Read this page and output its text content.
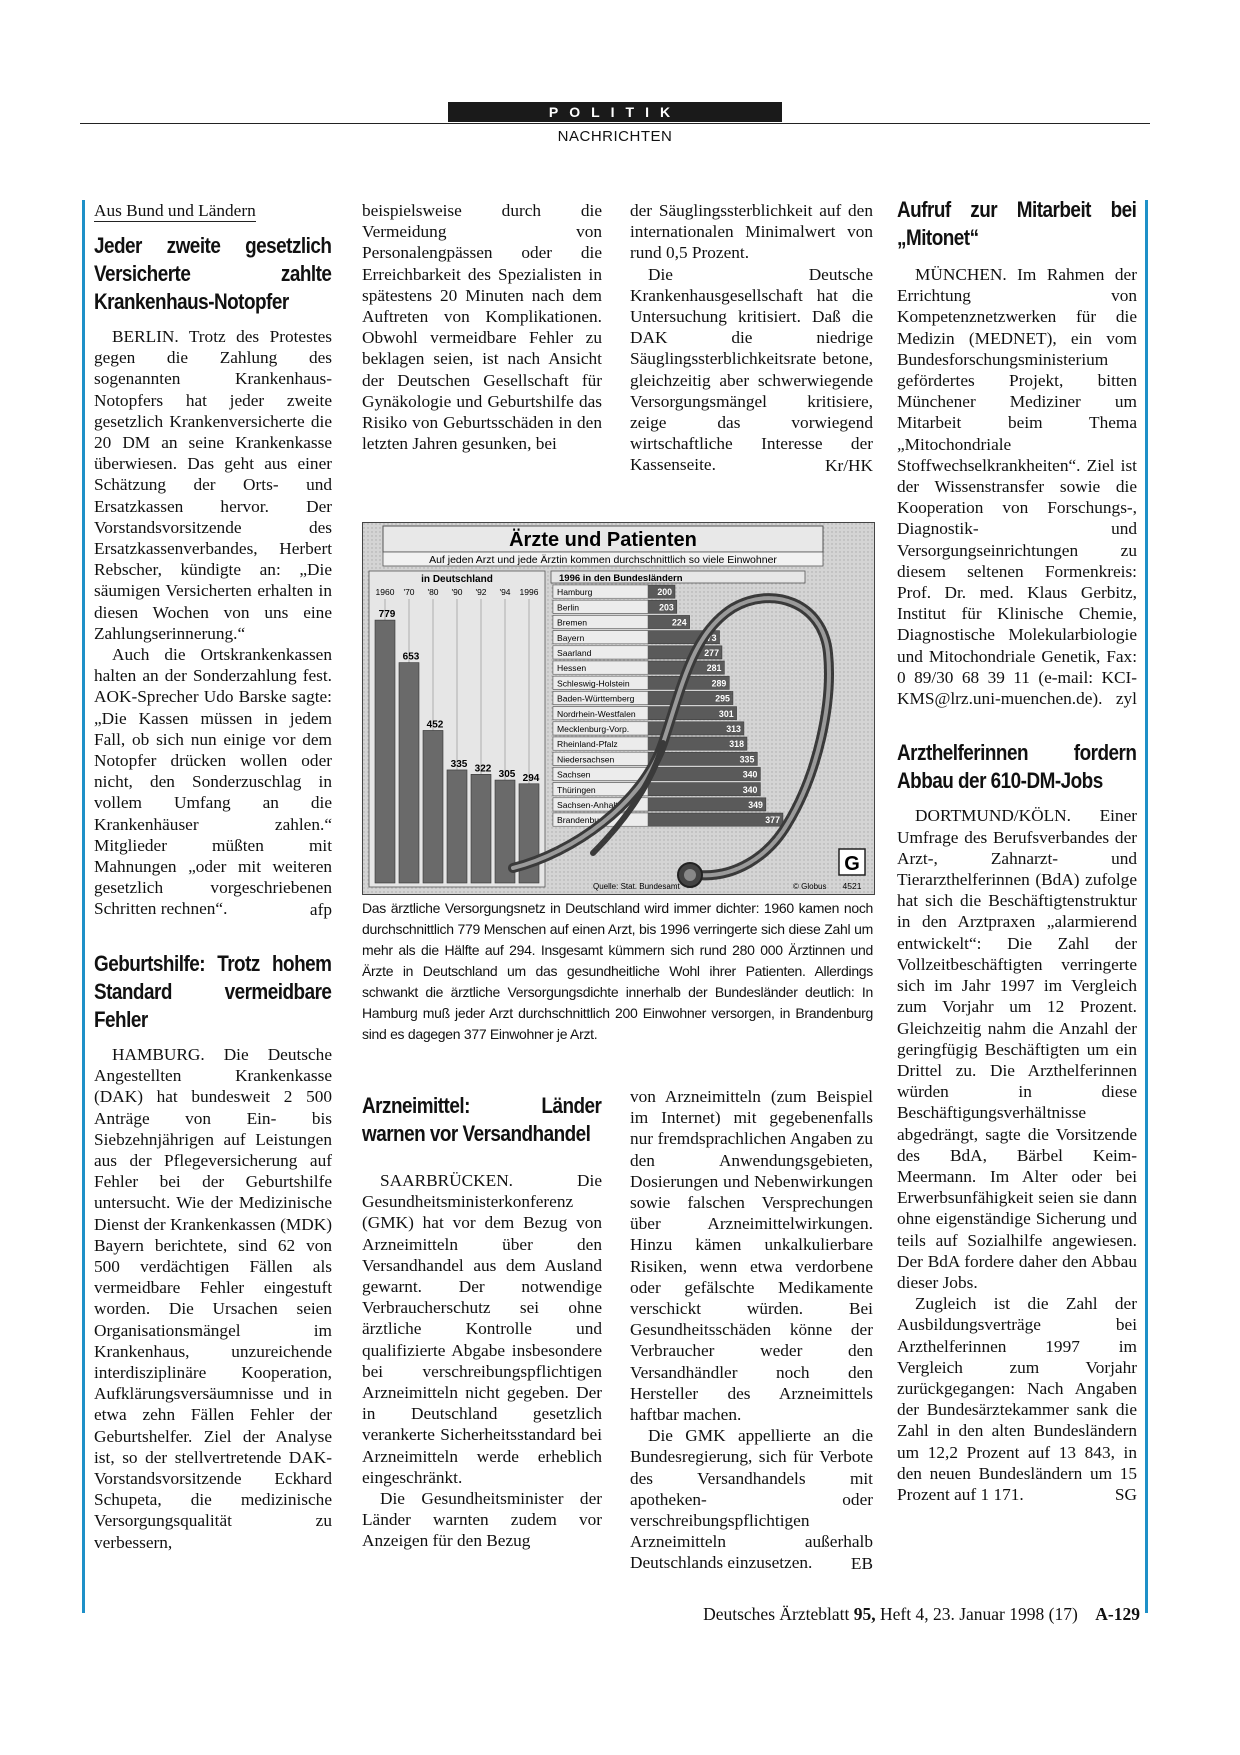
POLITIK
NACHRICHTEN
Aus Bund und Ländern
Jeder zweite gesetzlich Versicherte zahlte Krankenhaus-Notopfer

BERLIN. Trotz des Protestes gegen die Zahlung des sogenannten Krankenhaus-Notopfers hat jeder zweite gesetzlich Krankenversicherte die 20 DM an seine Krankenkasse überwiesen. Das geht aus einer Schätzung der Orts- und Ersatzkassen hervor. Der Vorstandsvorsitzende des Ersatzkassenverbandes, Herbert Rebscher, kündigte an: „Die säumigen Versicherten erhalten in diesen Wochen von uns eine Zahlungserinnerung.“

Auch die Ortskrankenkassen halten an der Sonderzahlung fest. AOK-Sprecher Udo Barske sagte: „Die Kassen müssen in jedem Fall, ob sich nun einige vor dem Notopfer drücken wollen oder nicht, den Sonderzuschlag in vollem Umfang an die Krankenhäuser zahlen.“ Mitglieder müßten mit Mahnungen „oder mit weiteren gesetzlich vorgeschriebenen Schritten rechnen“.	afp
Geburtshilfe: Trotz hohem Standard vermeidbare Fehler

HAMBURG. Die Deutsche Angestellten Krankenkasse (DAK) hat bundesweit 2 500 Anträge von Ein- bis Siebzehnjährigen auf Leistungen aus der Pflegeversicherung auf Fehler bei der Geburtshilfe untersucht. Wie der Medizinische Dienst der Krankenkassen (MDK) Bayern berichtete, sind 62 von 500 verdächtigen Fällen als vermeidbare Fehler eingestuft worden. Die Ursachen seien Organisationsmängel im Krankenhaus, unzureichende interdisziplinäre Kooperation, Aufklärungsversäumnisse und in etwa zehn Fällen Fehler der Geburtshelfer. Ziel der Analyse ist, so der stellvertretende DAK-Vorstandsvorsitzende Eckhard Schupeta, die medizinische Versorgungsqualität zu verbessern,

beispielsweise durch die Vermeidung von Personalengpässen oder die Erreichbarkeit des Spezialisten in spätestens 20 Minuten nach dem Auftreten von Komplikationen. Obwohl vermeidbare Fehler zu beklagen seien, ist nach Ansicht der Deutschen Gesellschaft für Gynäkologie und Geburtshilfe das Risiko von Geburtsschäden in den letzten Jahren gesunken, bei

der Säuglingssterblichkeit auf den internationalen Minimalwert von rund 0,5 Prozent.

Die Deutsche Krankenhausgesellschaft hat die Untersuchung kritisiert. Daß die DAK die niedrige Säuglingssterblichkeitsrate betone, gleichzeitig aber schwerwiegende Versorgungsmängel kritisiere, zeige das vorwiegend wirtschaftliche Interesse der Kassenseite.	Kr/HK
Ärzte und Patienten
Auf jeden Arzt und jede Ärztin kommen durchschnittlich so viele Einwohner
in Deutschland
1960
779
'70
653
'80
452
'90
335
'92
322
'94
305
1996
294
1996 in den Bundesländern
Hamburg	200
Berlin	203
Bremen	224
Bayern	273
Saarland	277
Hessen	281
Schleswig-Holstein	289
Baden-Württemberg	295
Nordrhein-Westfalen	301
Mecklenburg-Vorp.	313
Rheinland-Pfalz	318
Niedersachsen	335
Sachsen	340
Thüringen	340
Sachsen-Anhalt	349
Brandenburg	377
Quelle: Stat. Bundesamt	© Globus
G
4521
Das ärztliche Versorgungsnetz in Deutschland wird immer dichter: 1960 kamen noch durchschnittlich 779 Menschen auf einen Arzt, bis 1996 verringerte sich diese Zahl um mehr als die Hälfte auf 294. Insgesamt kümmern sich rund 280 000 Ärztinnen und Ärzte in Deutschland um das gesundheitliche Wohl ihrer Patienten. Allerdings schwankt die ärztliche Versorgungsdichte innerhalb der Bundesländer deutlich: In Hamburg muß jeder Arzt durchschnittlich 200 Einwohner versorgen, in Brandenburg sind es dagegen 377 Einwohner je Arzt.
Arzneimittel: Länder warnen vor Versandhandel

SAARBRÜCKEN. Die Gesundheitsministerkonferenz (GMK) hat vor dem Bezug von Arzneimitteln über den Versandhandel aus dem Ausland gewarnt. Der notwendige Verbraucherschutz sei ohne ärztliche Kontrolle und qualifizierte Abgabe insbesondere bei verschreibungspflichtigen Arzneimitteln nicht gegeben. Der in Deutschland gesetzlich verankerte Sicherheitsstandard bei Arzneimitteln werde erheblich eingeschränkt.

Die Gesundheitsminister der Länder warnten zudem vor Anzeigen für den Bezug

von Arzneimitteln (zum Beispiel im Internet) mit gegebenenfalls nur fremdsprachlichen Angaben zu den Anwendungsgebieten, Dosierungen und Nebenwirkungen sowie falschen Versprechungen über Arzneimittelwirkungen. Hinzu kämen unkalkulierbare Risiken, wenn etwa verdorbene oder gefälschte Medikamente verschickt würden. Bei Gesundheitsschäden könne der Verbraucher weder den Versandhändler noch den Hersteller des Arzneimittels haftbar machen.

Die GMK appellierte an die Bundesregierung, sich für Verbote des Versandhandels mit apotheken- oder verschreibungspflichtigen Arzneimitteln außerhalb Deutschlands einzusetzen.	EB
Aufruf zur Mitarbeit bei „Mitonet“

MÜNCHEN. Im Rahmen der Errichtung von Kompetenznetzwerken für die Medizin (MEDNET), ein vom Bundesforschungsministerium gefördertes Projekt, bitten Münchener Mediziner um Mitarbeit beim Thema „Mitochondriale Stoffwechselkrankheiten“. Ziel ist der Wissenstransfer sowie die Kooperation von Forschungs-, Diagnostik- und Versorgungseinrichtungen zu diesem seltenen Formenkreis: Prof. Dr. med. Klaus Gerbitz, Institut für Klinische Chemie, Diagnostische Molekularbiologie und Mitochondriale Genetik, Fax: 0 89/30 68 39 11 (e-mail: KCI-KMS@lrz.uni-muenchen.de). zyl
Arzthelferinnen fordern Abbau der 610-DM-Jobs

DORTMUND/KÖLN. Einer Umfrage des Berufsverbandes der Arzt-, Zahnarzt- und Tierarzthelferinnen (BdA) zufolge hat sich die Beschäftigtenstruktur in den Arztpraxen „alarmierend entwickelt“: Die Zahl der Vollzeitbeschäftigten verringerte sich im Jahr 1997 im Vergleich zum Vorjahr um 12 Prozent. Gleichzeitig nahm die Anzahl der geringfügig Beschäftigten um ein Drittel zu. Die Arzthelferinnen würden in diese Beschäftigungsverhältnisse abgedrängt, sagte die Vorsitzende des BdA, Bärbel Keim-Meermann. Im Alter oder bei Erwerbsunfähigkeit seien sie dann ohne eigenständige Sicherung und teils auf Sozialhilfe angewiesen. Der BdA fordere daher den Abbau dieser Jobs.

Zugleich ist die Zahl der Ausbildungsverträge bei Arzthelferinnen 1997 im Vergleich zum Vorjahr zurückgegangen: Nach Angaben der Bundesärztekammer sank die Zahl in den alten Bundesländern um 12,2 Prozent auf 13 843, in den neuen Bundesländern um 15 Prozent auf 1 171.	SG
Deutsches Ärzteblatt 95, Heft 4, 23. Januar 1998 (17) A-129
